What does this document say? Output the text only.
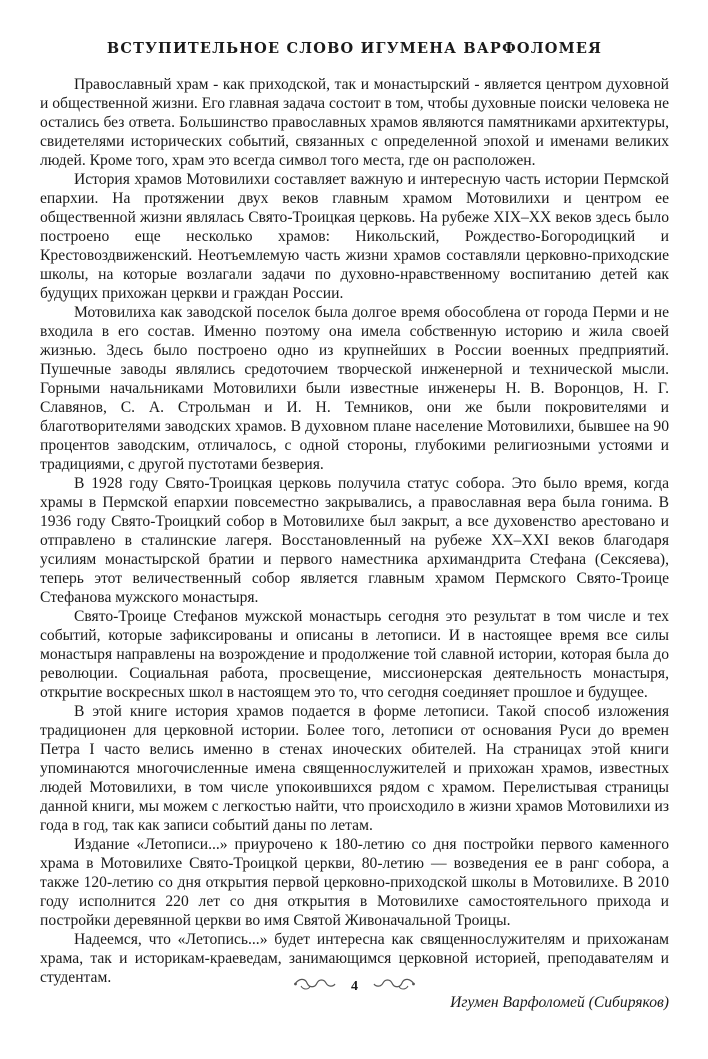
ВСТУПИТЕЛЬНОЕ СЛОВО ИГУМЕНА ВАРФОЛОМЕЯ

Православный храм - как приходской, так и монастырский - является центром духовной и общественной жизни. Его главная задача состоит в том, чтобы духовные поиски человека не остались без ответа. Большинство православных храмов являются памятниками архитектуры, свидетелями исторических событий, связанных с определенной эпохой и именами великих людей. Кроме того, храм это всегда символ того места, где он расположен.

История храмов Мотовилихи составляет важную и интересную часть истории Пермской епархии. На протяжении двух веков главным храмом Мотовилихи и центром ее общественной жизни являлась Свято-Троицкая церковь. На рубеже XIX–XX веков здесь было построено еще несколько храмов: Никольский, Рождество-Богородицкий и Крестовоздвиженский. Неотъемлемую часть жизни храмов составляли церковно-приходские школы, на которые возлагали задачи по духовно-нравственному воспитанию детей как будущих прихожан церкви и граждан России.

Мотовилиха как заводской поселок была долгое время обособлена от города Перми и не входила в его состав. Именно поэтому она имела собственную историю и жила своей жизнью. Здесь было построено одно из крупнейших в России военных предприятий. Пушечные заводы являлись средоточием творческой инженерной и технической мысли. Горными начальниками Мотовилихи были известные инженеры Н. В. Воронцов, Н. Г. Славянов, С. А. Строльман и И. Н. Темников, они же были покровителями и благотворителями заводских храмов. В духовном плане население Мотовилихи, бывшее на 90 процентов заводским, отличалось, с одной стороны, глубокими религиозными устоями и традициями, с другой пустотами безверия.

В 1928 году Свято-Троицкая церковь получила статус собора. Это было время, когда храмы в Пермской епархии повсеместно закрывались, а православная вера была гонима. В 1936 году Свято-Троицкий собор в Мотовилихе был закрыт, а все духовенство арестовано и отправлено в сталинские лагеря. Восстановленный на рубеже XX–XXI веков благодаря усилиям монастырской братии и первого наместника архимандрита Стефана (Сексяева), теперь этот величественный собор является главным храмом Пермского Свято-Троице Стефанова мужского монастыря.

Свято-Троице Стефанов мужской монастырь сегодня это результат в том числе и тех событий, которые зафиксированы и описаны в летописи. И в настоящее время все силы монастыря направлены на возрождение и продолжение той славной истории, которая была до революции. Социальная работа, просвещение, миссионерская деятельность монастыря, открытие воскресных школ в настоящем это то, что сегодня соединяет прошлое и будущее.

В этой книге история храмов подается в форме летописи. Такой способ изложения традиционен для церковной истории. Более того, летописи от основания Руси до времен Петра I часто велись именно в стенах иноческих обителей. На страницах этой книги упоминаются многочисленные имена священнослужителей и прихожан храмов, известных людей Мотовилихи, в том числе упокоившихся рядом с храмом. Перелистывая страницы данной книги, мы можем с легкостью найти, что происходило в жизни храмов Мотовилихи из года в год, так как записи событий даны по летам.

Издание «Летописи...» приурочено к 180-летию со дня постройки первого каменного храма в Мотовилихе Свято-Троицкой церкви, 80-летию — возведения ее в ранг собора, а также 120-летию со дня открытия первой церковно-приходской школы в Мотовилихе. В 2010 году исполнится 220 лет со дня открытия в Мотовилихе самостоятельного прихода и постройки деревянной церкви во имя Святой Живоначальной Троицы.

Надеемся, что «Летопись...» будет интересна как священнослужителям и прихожанам храма, так и историкам-краеведам, занимающимся церковной историей, преподавателям и студентам.

Игумен Варфоломей (Сибиряков)
4
